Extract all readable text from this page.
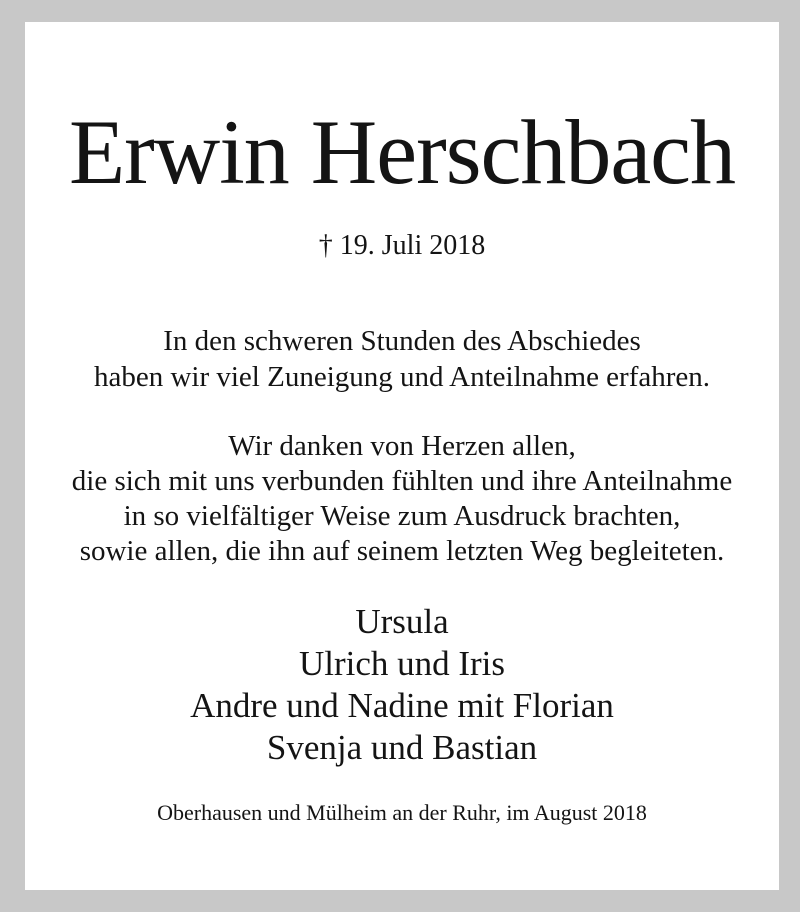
Erwin Herschbach

† 19. Juli 2018

In den schweren Stunden des Abschiedes
haben wir viel Zuneigung und Anteilnahme erfahren.
Wir danken von Herzen allen,
die sich mit uns verbunden fühlten und ihre Anteilnahme
in so vielfältiger Weise zum Ausdruck brachten,
sowie allen, die ihn auf seinem letzten Weg begleiteten.
Ursula
Ulrich und Iris
Andre und Nadine mit Florian
Svenja und Bastian

Oberhausen und Mülheim an der Ruhr, im August 2018
